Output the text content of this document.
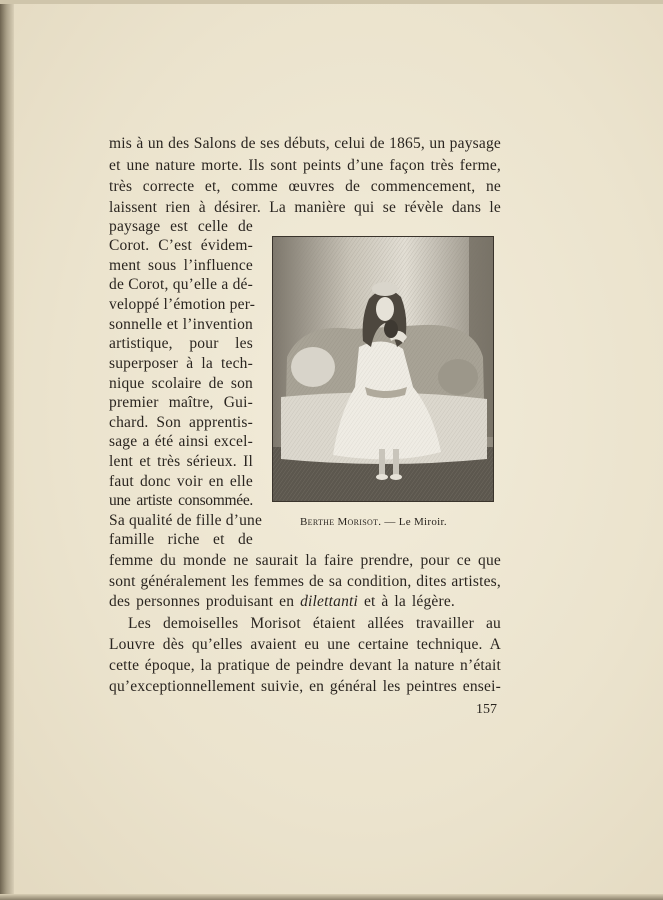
mis à un des Salons de ses débuts, celui de 1865, un paysage
et une nature morte. Ils sont peints d’une façon très ferme,
très correcte et, comme œuvres de commencement, ne
laissent rien à désirer. La manière qui se révèle dans le
paysage est celle de
Corot. C’est évidem-
ment sous l’influence
de Corot, qu’elle a dé-
veloppé l’émotion per-
sonnelle et l’invention
artistique, pour les
superposer à la tech-
nique scolaire de son
premier maître, Gui-
chard. Son apprentis-
sage a été ainsi excel-
lent et très sérieux. Il
faut donc voir en elle
une artiste consommée.
Sa qualité de fille d’une
famille riche et de
femme du monde ne saurait la faire prendre, pour ce que
sont généralement les femmes de sa condition, dites artistes,
des personnes produisant en dilettanti et à la légère.
Les demoiselles Morisot étaient allées travailler au
Louvre dès qu’elles avaient eu une certaine technique. A
cette époque, la pratique de peindre devant la nature n’était
qu’exceptionnellement suivie, en général les peintres ensei-
Berthe Morisot. — Le Miroir.
157
